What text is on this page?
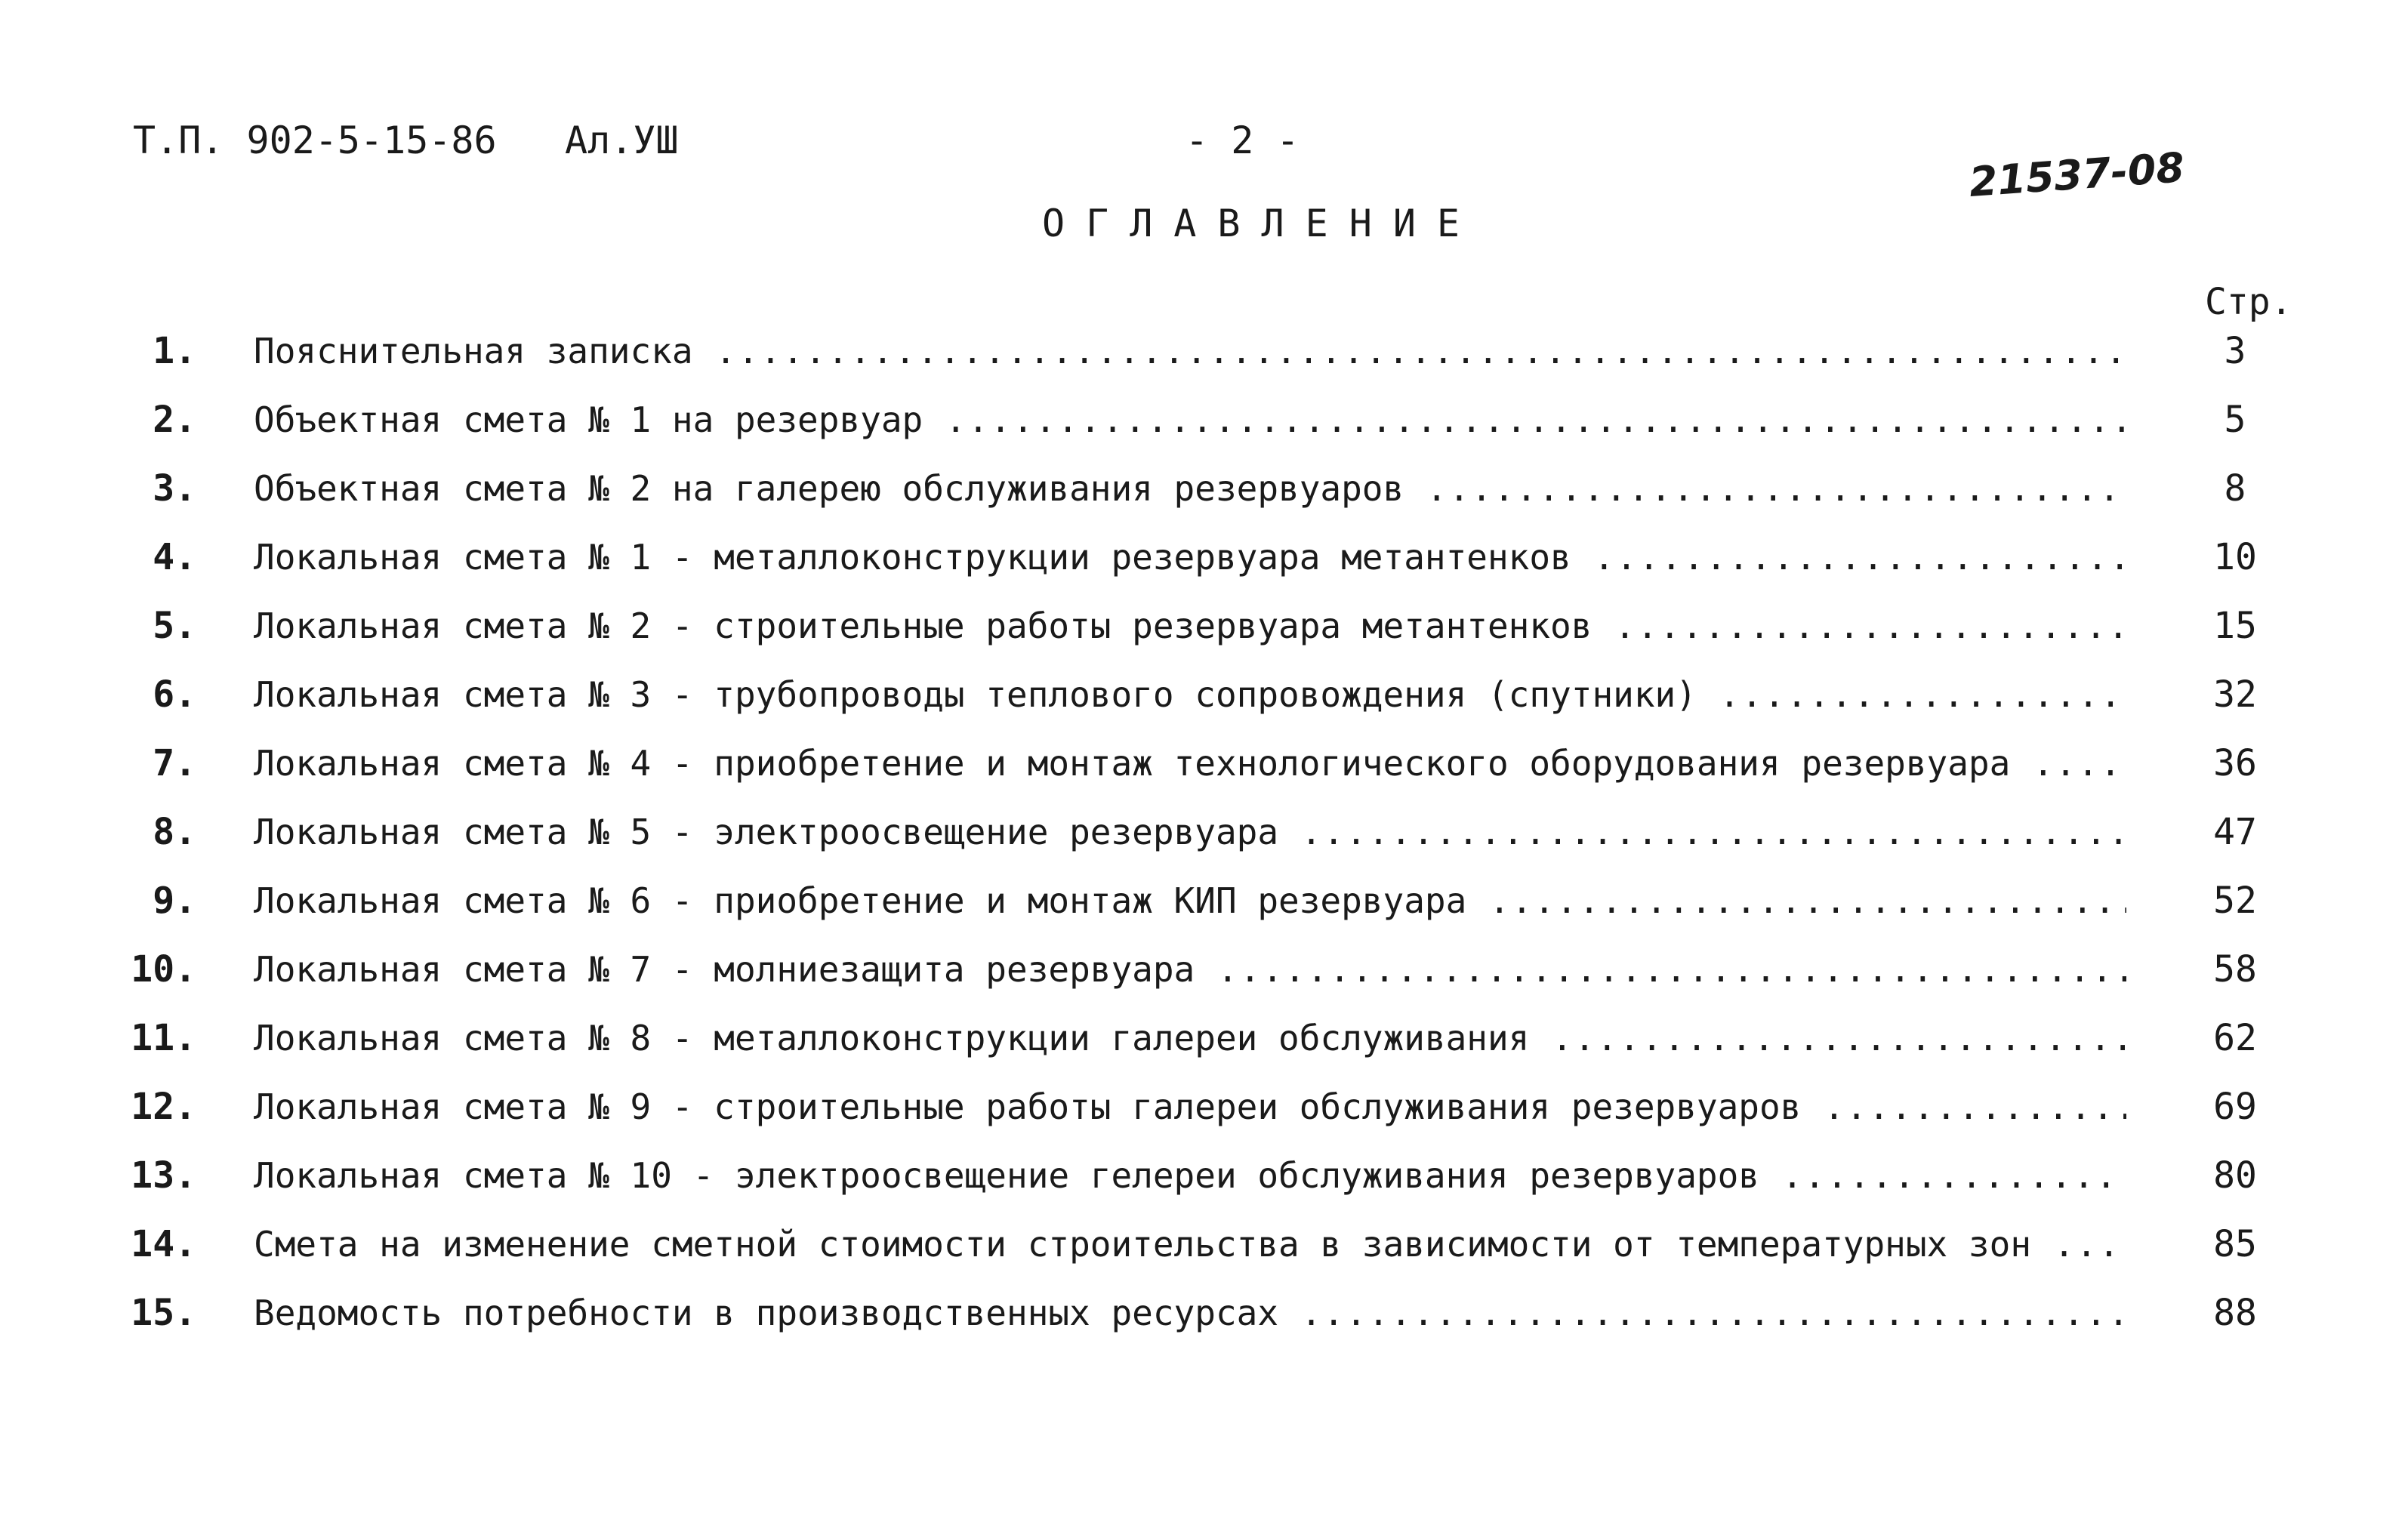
Т.П. 902-5-15-86 Ал.УШ	- 2 -
21537-08
ОГЛАВЛЕНИЕ
Стр.
1. Пояснительная записка .....	3
2. Объектная смета № 1 на резервуар .....	5
3. Объектная смета № 2 на галерею обслуживания резервуаров .....	8
4. Локальная смета № 1 - металлоконструкции резервуара метантенков .....	10
5. Локальная смета № 2 - строительные работы резервуара метантенков .....	15
6. Локальная смета № 3 - трубопроводы теплового сопровождения (спутники) .....	32
7. Локальная смета № 4 - приобретение и монтаж технологического оборудования резервуара .....	36
8. Локальная смета № 5 - электроосвещение резервуара .....	47
9. Локальная смета № 6 - приобретение и монтаж КИП резервуара .....	52
10. Локальная смета № 7 - молниезащита резервуара .....	58
11. Локальная смета № 8 - металлоконструкции галереи обслуживания .....	62
12. Локальная смета № 9 - строительные работы галереи обслуживания резервуаров .....	69
13. Локальная смета № 10 - электроосвещение гелереи обслуживания резервуаров .....	80
14. Смета на изменение сметной стоимости строительства в зависимости от температурных зон .....	85
15. Ведомость потребности в производственных ресурсах .....	88
